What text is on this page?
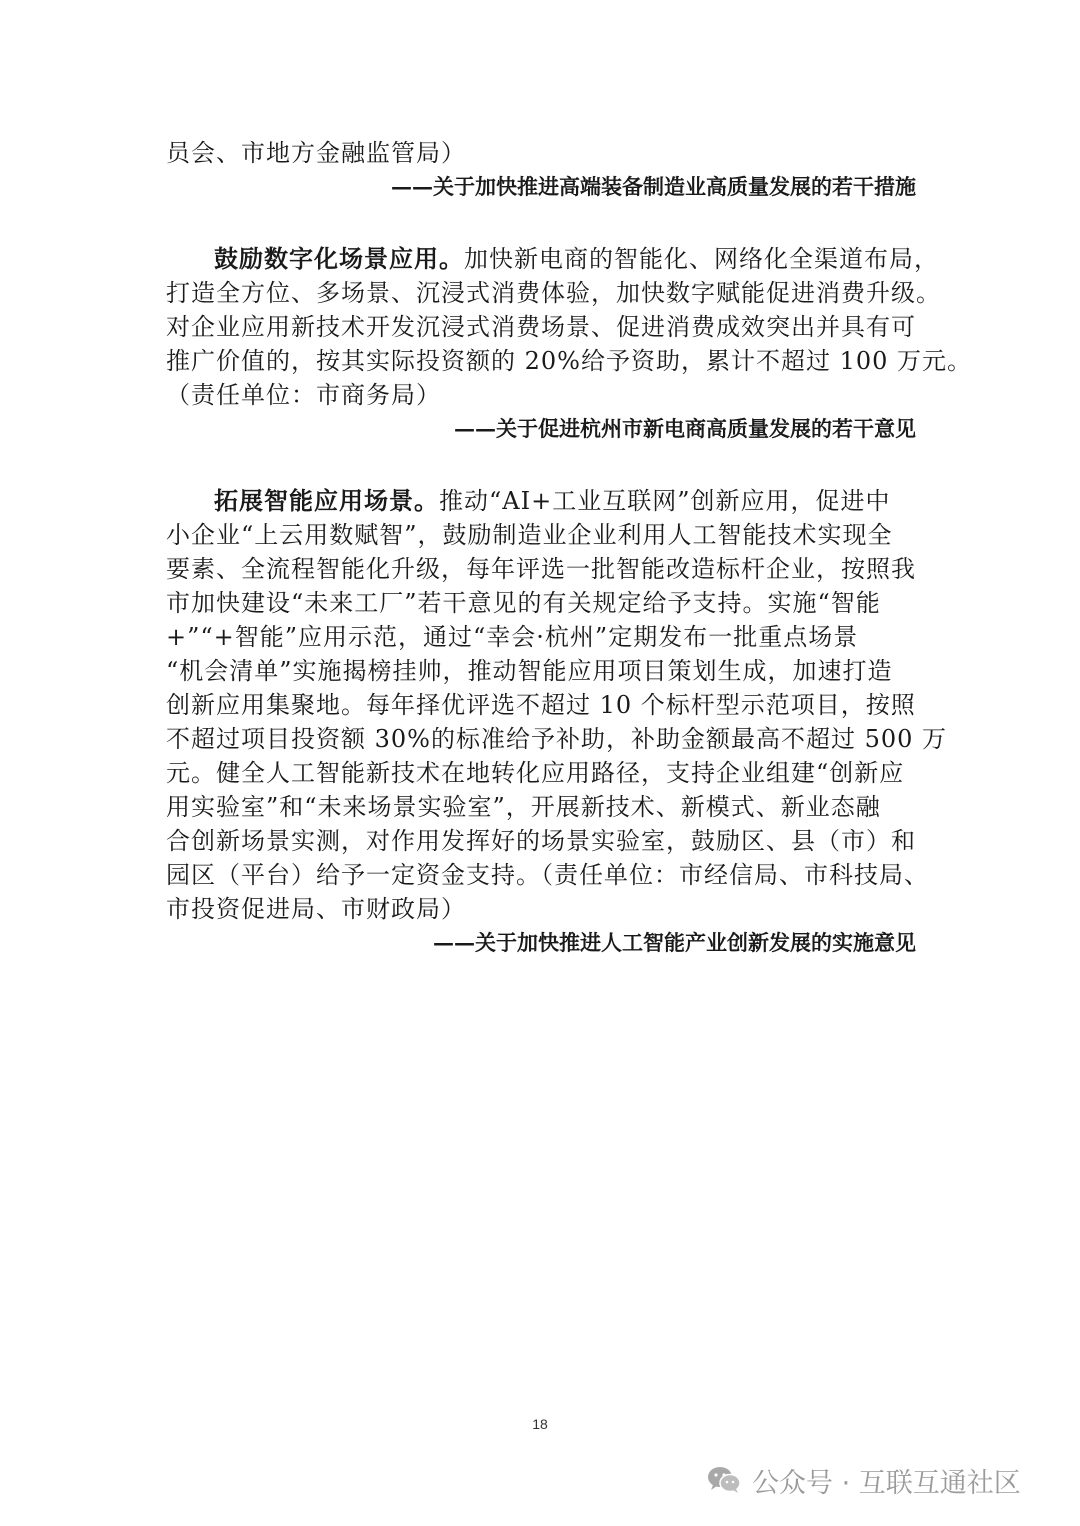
员会、市地方金融监管局）
——关于加快推进高端装备制造业高质量发展的若干措施
鼓励数字化场景应用。加快新电商的智能化、网络化全渠道布局，
打造全方位、多场景、沉浸式消费体验，加快数字赋能促进消费升级。
对企业应用新技术开发沉浸式消费场景、促进消费成效突出并具有可
推广价值的，按其实际投资额的 20%给予资助，累计不超过 100 万元。
（责任单位：市商务局）
——关于促进杭州市新电商高质量发展的若干意见
拓展智能应用场景。推动“AI+工业互联网”创新应用，促进中
小企业“上云用数赋智”，鼓励制造业企业利用人工智能技术实现全
要素、全流程智能化升级，每年评选一批智能改造标杆企业，按照我
市加快建设“未来工厂”若干意见的有关规定给予支持。实施“智能
+”“+智能”应用示范，通过“幸会·杭州”定期发布一批重点场景
“机会清单”实施揭榜挂帅，推动智能应用项目策划生成，加速打造
创新应用集聚地。每年择优评选不超过 10 个标杆型示范项目，按照
不超过项目投资额 30%的标准给予补助，补助金额最高不超过 500 万
元。健全人工智能新技术在地转化应用路径，支持企业组建“创新应
用实验室”和“未来场景实验室”，开展新技术、新模式、新业态融
合创新场景实测，对作用发挥好的场景实验室，鼓励区、县（市）和
园区（平台）给予一定资金支持。（责任单位：市经信局、市科技局、
市投资促进局、市财政局）
——关于加快推进人工智能产业创新发展的实施意见
18
公众号 · 互联互通社区
